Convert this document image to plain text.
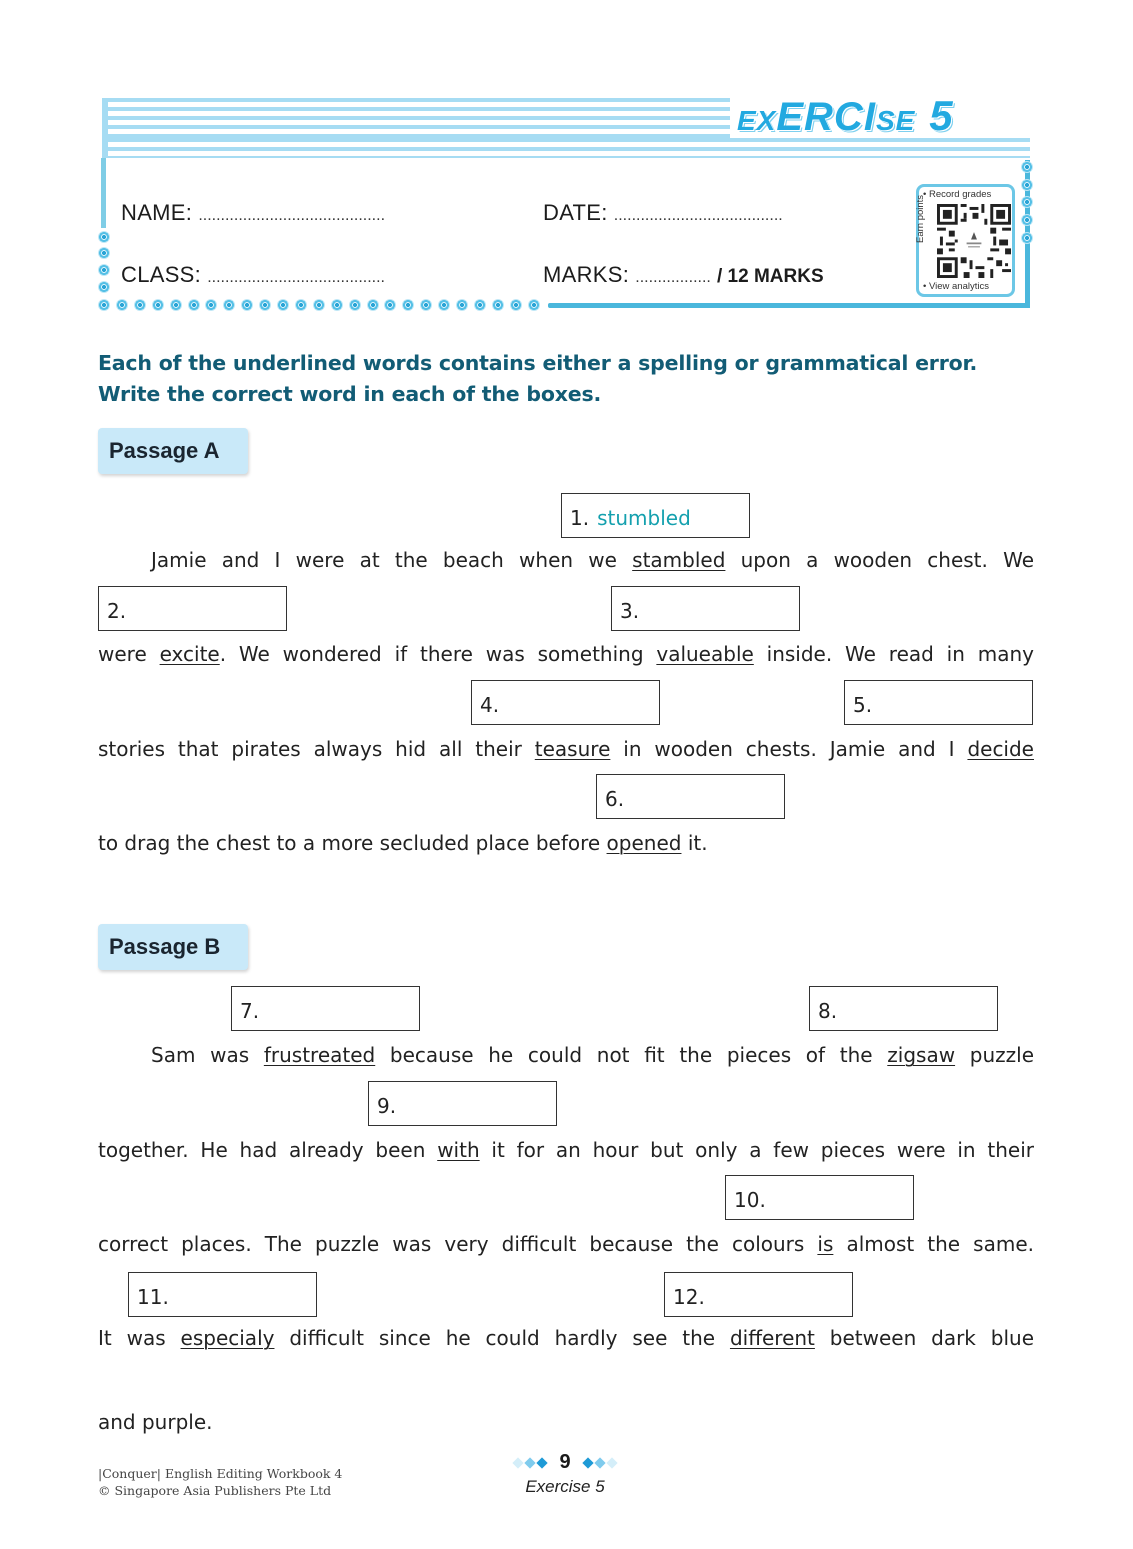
EXERCISE 5
NAME: ..........................................	DATE: ......................................
CLASS: ........................................	MARKS: ................. / 12 MARKS
• Record grades
Earn points
• View analytics
Each of the underlined words contains either a spelling or grammatical error.
Write the correct word in each of the boxes.
Passage A
1. stumbled
Jamie and I were at the beach when we stambled upon a wooden chest. We
2.	3.
were excite. We wondered if there was something valueable inside. We read in many
4.	5.
stories that pirates always hid all their teasure in wooden chests. Jamie and I decide
6.
to drag the chest to a more secluded place before opened it.
Passage B
7.	8.
Sam was frustreated because he could not fit the pieces of the zigsaw puzzle
9.
together. He had already been with it for an hour but only a few pieces were in their
10.
correct places. The puzzle was very difficult because the colours is almost the same.
11.	12.
It was especialy difficult since he could hardly see the different between dark blue
and purple.
|Conquer| English Editing Workbook 4
© Singapore Asia Publishers Pte Ltd
9
Exercise 5
